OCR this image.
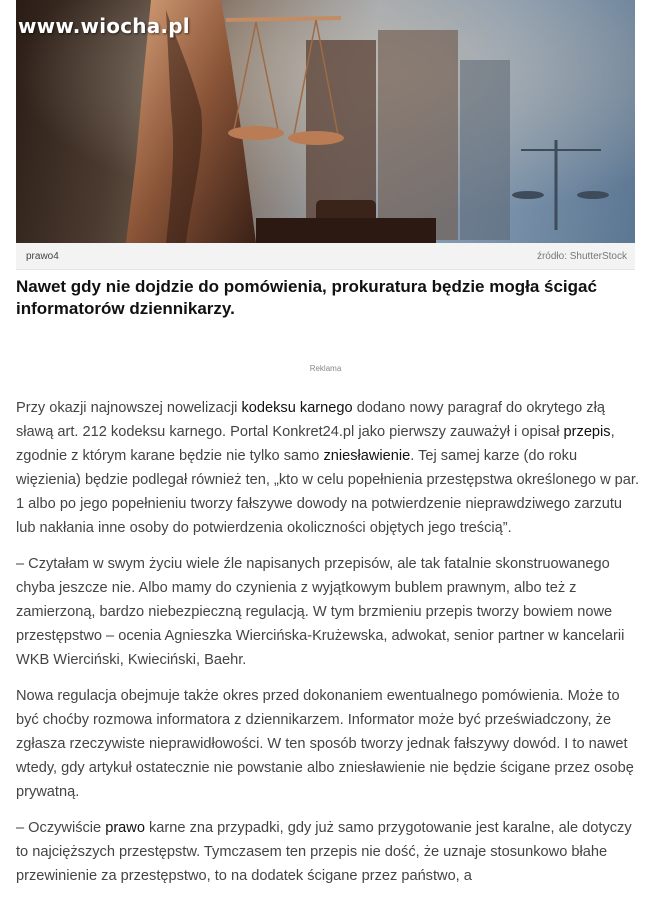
www.wiocha.pl
prawo4	źródło: ShutterStock
Nawet gdy nie dojdzie do pomówienia, prokuratura będzie mogła ścigać informatorów dziennikarzy.
Reklama

Przy okazji najnowszej nowelizacji kodeksu karnego dodano nowy paragraf do okrytego złą sławą art. 212 kodeksu karnego. Portal Konkret24.pl jako pierwszy zauważył i opisał przepis, zgodnie z którym karane będzie nie tylko samo zniesławienie. Tej samej karze (do roku więzienia) będzie podlegał również ten, „kto w celu popełnienia przestępstwa określonego w par. 1 albo po jego popełnieniu tworzy fałszywe dowody na potwierdzenie nieprawdziwego zarzutu lub nakłania inne osoby do potwierdzenia okoliczności objętych jego treścią”.

– Czytałam w swym życiu wiele źle napisanych przepisów, ale tak fatalnie skonstruowanego chyba jeszcze nie. Albo mamy do czynienia z wyjątkowym bublem prawnym, albo też z zamierzoną, bardzo niebezpieczną regulacją. W tym brzmieniu przepis tworzy bowiem nowe przestępstwo – ocenia Agnieszka Wiercińska-Krużewska, adwokat, senior partner w kancelarii WKB Wierciński, Kwieciński, Baehr.

Nowa regulacja obejmuje także okres przed dokonaniem ewentualnego pomówienia. Może to być choćby rozmowa informatora z dziennikarzem. Informator może być przeświadczony, że zgłasza rzeczywiste nieprawidłowości. W ten sposób tworzy jednak fałszywy dowód. I to nawet wtedy, gdy artykuł ostatecznie nie powstanie albo zniesławienie nie będzie ścigane przez osobę prywatną.

– Oczywiście prawo karne zna przypadki, gdy już samo przygotowanie jest karalne, ale dotyczy to najcięższych przestępstw. Tymczasem ten przepis nie dość, że uznaje stosunkowo błahe przewinienie za przestępstwo, to na dodatek ścigane przez państwo, a
